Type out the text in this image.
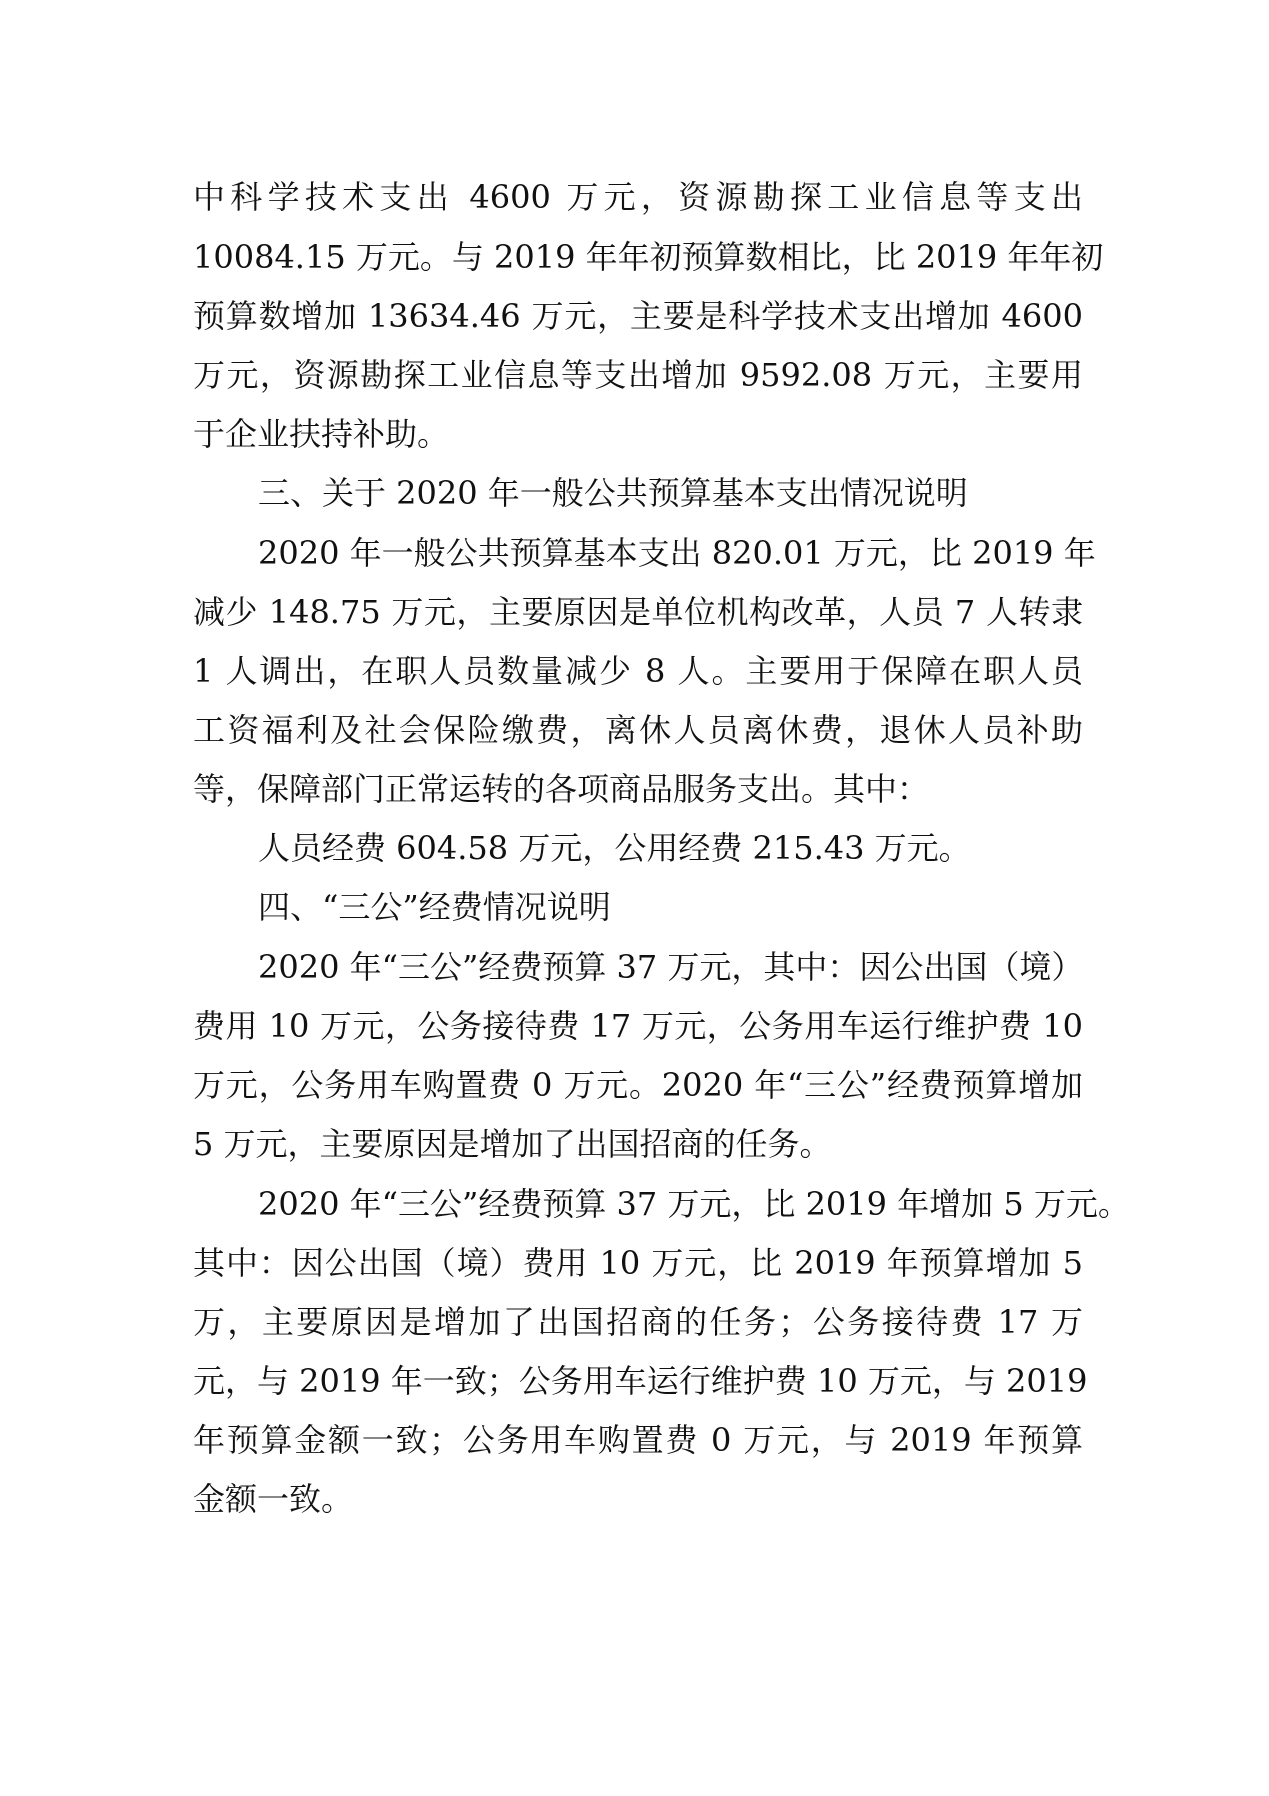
中科学技术支出 4600 万元，资源勘探工业信息等支出
10084.15 万元。与 2019 年年初预算数相比，比 2019 年年初
预算数增加 13634.46 万元，主要是科学技术支出增加 4600
万元，资源勘探工业信息等支出增加 9592.08 万元，主要用
于企业扶持补助。
三、关于 2020 年一般公共预算基本支出情况说明
2020 年一般公共预算基本支出 820.01 万元，比 2019 年
减少 148.75 万元，主要原因是单位机构改革，人员 7 人转隶
1 人调出，在职人员数量减少 8 人。主要用于保障在职人员
工资福利及社会保险缴费，离休人员离休费，退休人员补助
等，保障部门正常运转的各项商品服务支出。其中：
人员经费 604.58 万元，公用经费 215.43 万元。
四、“三公”经费情况说明
2020 年“三公”经费预算 37 万元，其中：因公出国（境）
费用 10 万元，公务接待费 17 万元，公务用车运行维护费 10
万元，公务用车购置费 0 万元。2020 年“三公”经费预算增加
5 万元，主要原因是增加了出国招商的任务。
2020 年“三公”经费预算 37 万元，比 2019 年增加 5 万元。
其中：因公出国（境）费用 10 万元，比 2019 年预算增加 5
万，主要原因是增加了出国招商的任务；公务接待费 17 万
元，与 2019 年一致；公务用车运行维护费 10 万元，与 2019
年预算金额一致；公务用车购置费 0 万元，与 2019 年预算
金额一致。
